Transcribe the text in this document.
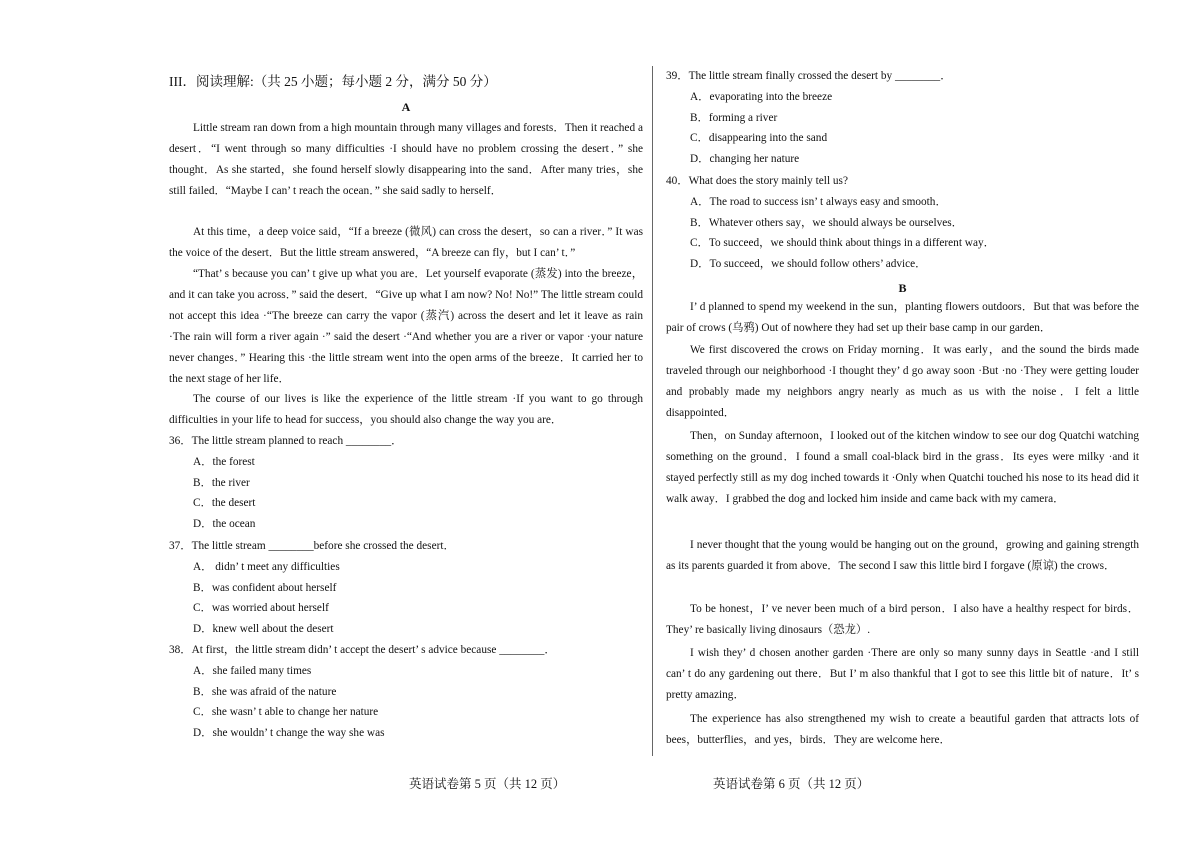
III．阅读理解:（共 25 小题；每小题 2 分，满分 50 分）
A

Little stream ran down from a high mountain through many villages and forests．Then it reached a desert．“I went through so many difficulties ·I should have no problem crossing the desert．” she thought．As she started，she found herself slowly disappearing into the sand．After many tries，she still failed．“Maybe I can’ t reach the ocean．” she said sadly to herself．

At this time，a deep voice said，“If a breeze (微风) can cross the desert，so can a river．” It was the voice of the desert．But the little stream answered，“A breeze can fly，but I can’ t．”

“That’ s because you can’ t give up what you are．Let yourself evaporate (蒸发) into the breeze，and it can take you across．” said the desert．“Give up what I am now? No! No!” The little stream could not accept this idea ·“The breeze can carry the vapor (蒸汽) across the desert and let it leave as rain ·The rain will form a river again ·” said the desert ·“And whether you are a river or vapor ·your nature never changes．” Hearing this ·the little stream went into the open arms of the breeze．It carried her to the next stage of her life．

The course of our lives is like the experience of the little stream ·If you want to go through difficulties in your life to head for success，you should also change the way you are．

36．The little stream planned to reach ________．
A．the forest
B．the river
C．the desert
D．the ocean
37．The little stream ________before she crossed the desert．
A． didn’ t meet any difficulties
B．was confident about herself
C．was worried about herself
D．knew well about the desert
38．At first，the little stream didn’ t accept the desert’ s advice because ________．
A．she failed many times
B．she was afraid of the nature
C．she wasn’ t able to change her nature
D．she wouldn’ t change the way she was
英语试卷第 5 页（共 12 页）
39．The little stream finally crossed the desert by ________．
A．evaporating into the breeze
B．forming a river
C．disappearing into the sand
D．changing her nature
40．What does the story mainly tell us?
A．The road to success isn’ t always easy and smooth．
B．Whatever others say，we should always be ourselves．
C．To succeed，we should think about things in a different way．
D．To succeed，we should follow others’ advice．
B

I’ d planned to spend my weekend in the sun，planting flowers outdoors．But that was before the pair of crows (乌鸦) Out of nowhere they had set up their base camp in our garden．

We first discovered the crows on Friday morning．It was early，and the sound the birds made traveled through our neighborhood ·I thought they’ d go away soon ·But ·no ·They were getting louder and probably made my neighbors angry nearly as much as us with the noise．I felt a little disappointed．

Then，on Sunday afternoon，I looked out of the kitchen window to see our dog Quatchi watching something on the ground．I found a small coal-black bird in the grass．Its eyes were milky ·and it stayed perfectly still as my dog inched towards it ·Only when Quatchi touched his nose to its head did it walk away．I grabbed the dog and locked him inside and came back with my camera．

I never thought that the young would be hanging out on the ground，growing and gaining strength as its parents guarded it from above．The second I saw this little bird I forgave (原谅) the crows．

To be honest，I’ ve never been much of a bird person．I also have a healthy respect for birds．They’ re basically living dinosaurs（恐龙）.

I wish they’ d chosen another garden ·There are only so many sunny days in Seattle ·and I still can’ t do any gardening out there．But I’ m also thankful that I got to see this little bit of nature．It’ s pretty amazing．

The experience has also strengthened my wish to create a beautiful garden that attracts lots of bees，butterflies，and yes，birds．They are welcome here．

英语试卷第 6 页（共 12 页）
